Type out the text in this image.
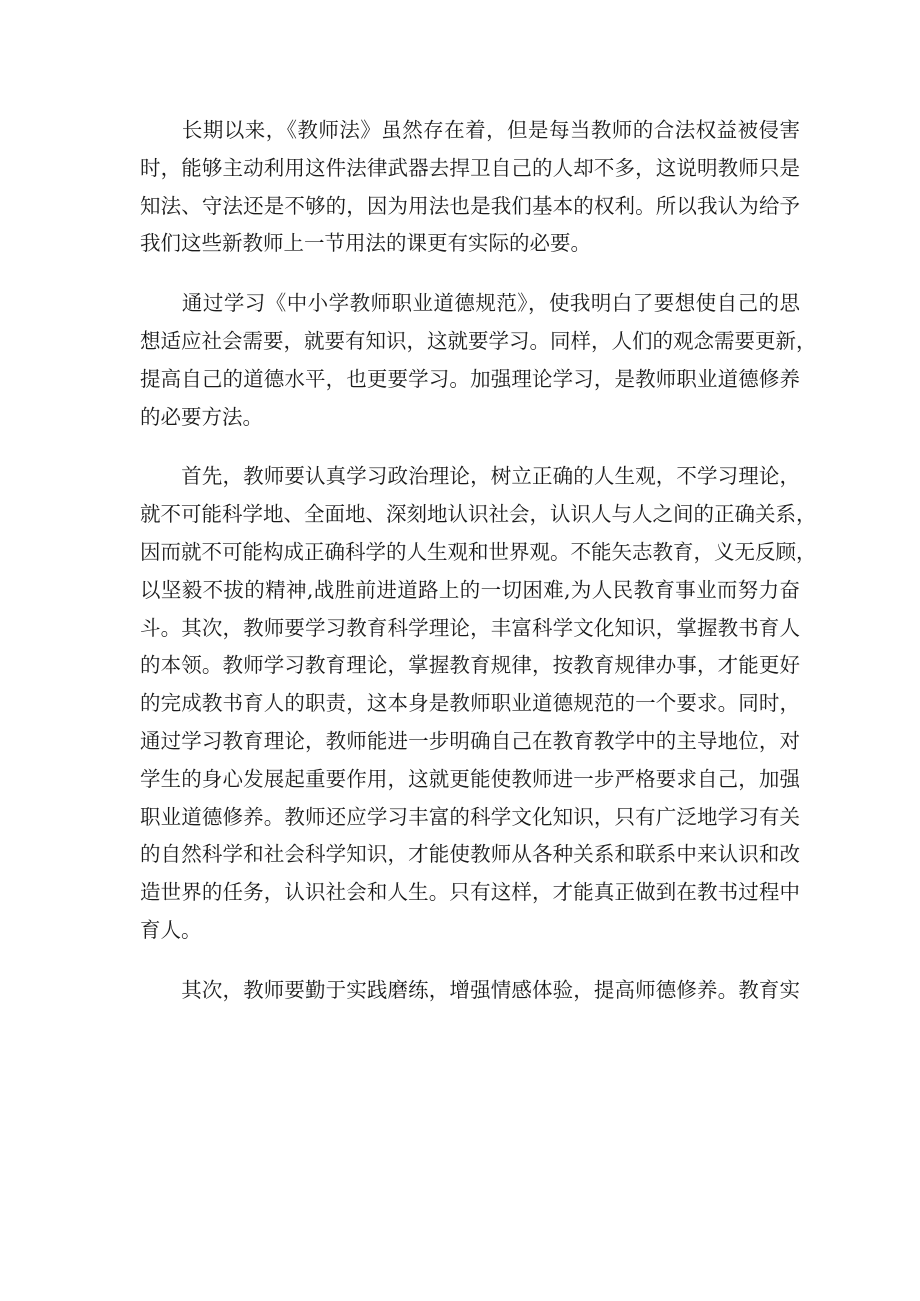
　　长期以来，《教师法》虽然存在着，但是每当教师的合法权益被侵害
时，能够主动利用这件法律武器去捍卫自己的人却不多，这说明教师只是
知法、守法还是不够的，因为用法也是我们基本的权利。所以我认为给予
我们这些新教师上一节用法的课更有实际的必要。
　　通过学习《中小学教师职业道德规范》，使我明白了要想使自己的思
想适应社会需要，就要有知识，这就要学习。同样，人们的观念需要更新，
提高自己的道德水平，也更要学习。加强理论学习，是教师职业道德修养
的必要方法。
　　首先，教师要认真学习政治理论，树立正确的人生观，不学习理论，
就不可能科学地、全面地、深刻地认识社会，认识人与人之间的正确关系，
因而就不可能构成正确科学的人生观和世界观。不能矢志教育，义无反顾，
以坚毅不拔的精神,战胜前进道路上的一切困难,为人民教育事业而努力奋
斗。其次，教师要学习教育科学理论，丰富科学文化知识，掌握教书育人
的本领。教师学习教育理论，掌握教育规律，按教育规律办事，才能更好
的完成教书育人的职责，这本身是教师职业道德规范的一个要求。同时，
通过学习教育理论，教师能进一步明确自己在教育教学中的主导地位，对
学生的身心发展起重要作用，这就更能使教师进一步严格要求自己，加强
职业道德修养。教师还应学习丰富的科学文化知识，只有广泛地学习有关
的自然科学和社会科学知识，才能使教师从各种关系和联系中来认识和改
造世界的任务，认识社会和人生。只有这样，才能真正做到在教书过程中
育人。
　　其次，教师要勤于实践磨练，增强情感体验，提高师德修养。教育实
